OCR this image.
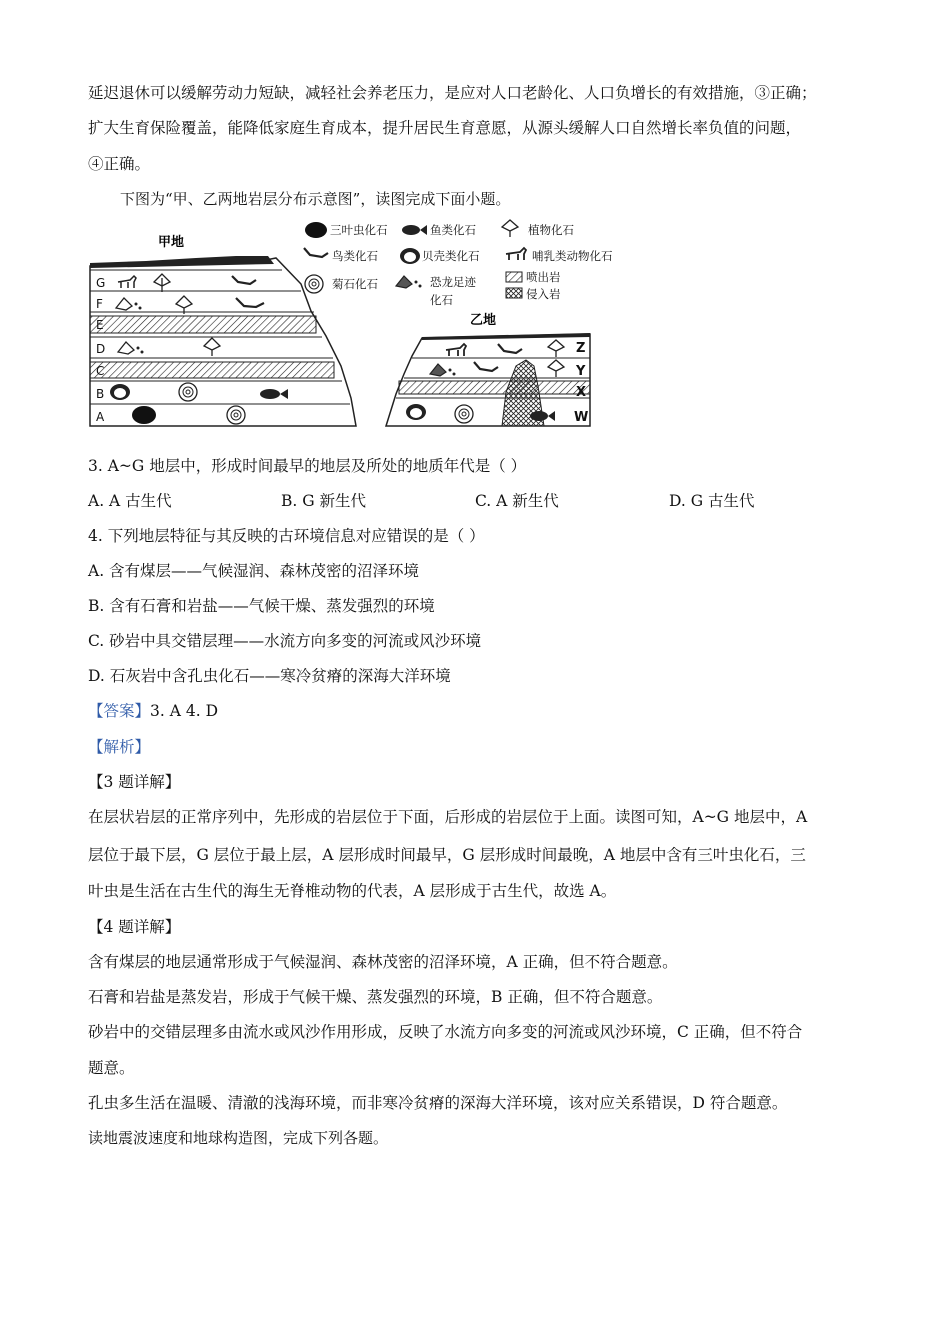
延迟退休可以缓解劳动力短缺，减轻社会养老压力，是应对人口老龄化、人口负增长的有效措施，③正确；
扩大生育保险覆盖，能降低家庭生育成本，提升居民生育意愿，从源头缓解人口自然增长率负值的问题，
④正确。
下图为“甲、乙两地岩层分布示意图”，读图完成下面小题。
甲地
G
F
E
D
C
B
A
三叶虫化石	鱼类化石	植物化石
鸟类化石	贝壳类化石	哺乳类动物化石
菊石化石	恐龙足迹
化石
喷出岩
侵入岩
乙地
Z
Y
X
W
3. A~G 地层中，形成时间最早的地层及所处的地质年代是（ ）
A. A 古生代	B. G 新生代	C. A 新生代	D. G 古生代
4. 下列地层特征与其反映的古环境信息对应错误的是（ ）
A. 含有煤层——气候湿润、森林茂密的沼泽环境
B. 含有石膏和岩盐——气候干燥、蒸发强烈的环境
C. 砂岩中具交错层理——水流方向多变的河流或风沙环境
D. 石灰岩中含孔虫化石——寒冷贫瘠的深海大洋环境
【答案】3. A 4. D
【解析】
【3 题详解】
在层状岩层的正常序列中，先形成的岩层位于下面，后形成的岩层位于上面。读图可知，A~G 地层中，A
层位于最下层，G 层位于最上层，A 层形成时间最早，G 层形成时间最晚，A 地层中含有三叶虫化石，三
叶虫是生活在古生代的海生无脊椎动物的代表，A 层形成于古生代，故选 A。
【4 题详解】
含有煤层的地层通常形成于气候湿润、森林茂密的沼泽环境，A 正确，但不符合题意。
石膏和岩盐是蒸发岩，形成于气候干燥、蒸发强烈的环境，B 正确，但不符合题意。
砂岩中的交错层理多由流水或风沙作用形成，反映了水流方向多变的河流或风沙环境，C 正确，但不符合
题意。
孔虫多生活在温暖、清澈的浅海环境，而非寒冷贫瘠的深海大洋环境，该对应关系错误，D 符合题意。
读地震波速度和地球构造图，完成下列各题。
